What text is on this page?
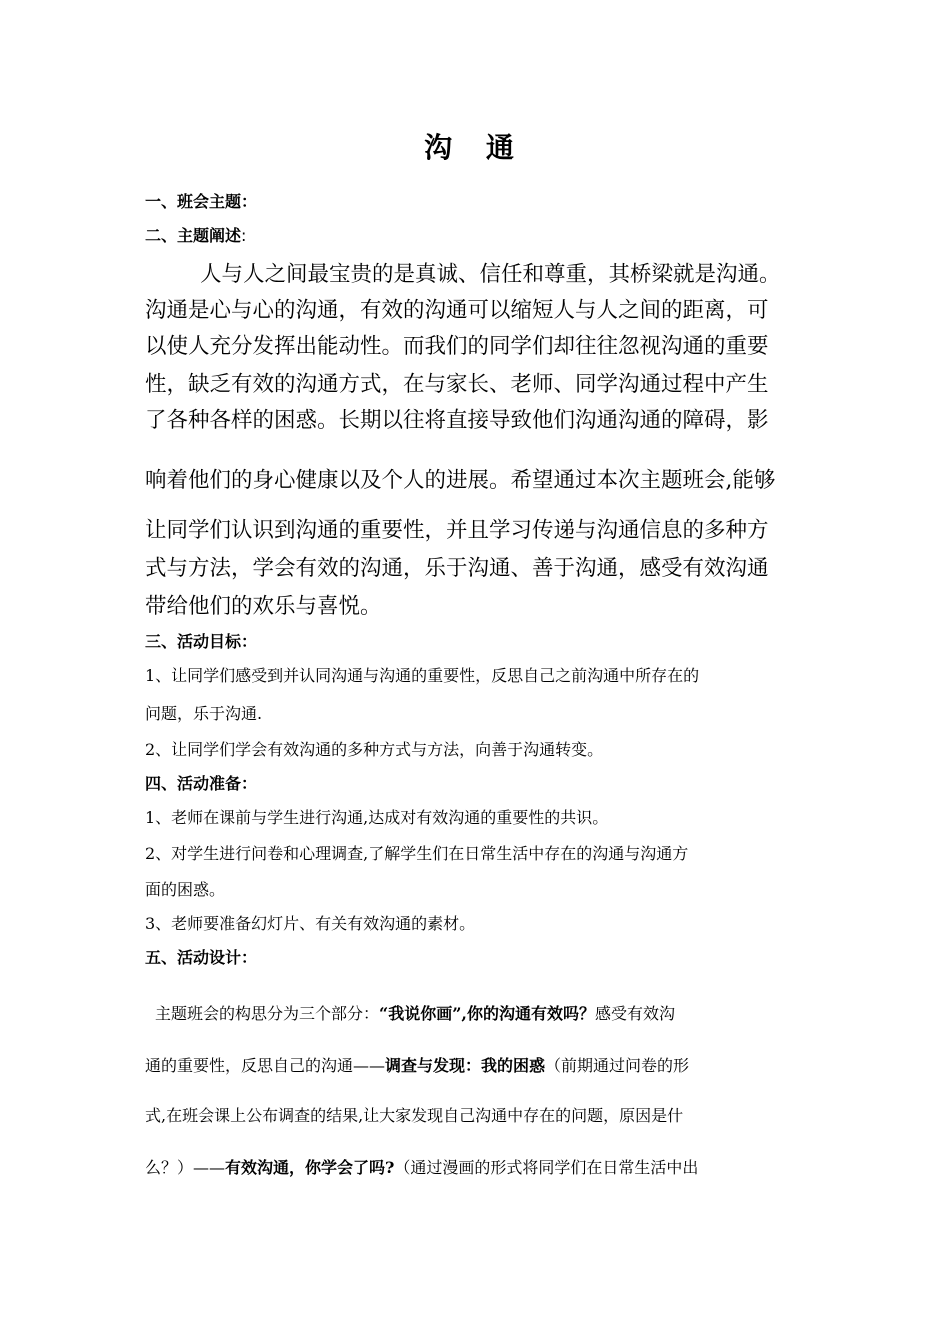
沟 通
一、班会主题：
二、主题阐述:
人与人之间最宝贵的是真诚、信任和尊重，其桥梁就是沟通。
沟通是心与心的沟通，有效的沟通可以缩短人与人之间的距离，可
以使人充分发挥出能动性。而我们的同学们却往往忽视沟通的重要
性，缺乏有效的沟通方式，在与家长、老师、同学沟通过程中产生
了各种各样的困惑。长期以往将直接导致他们沟通沟通的障碍，影
响着他们的身心健康以及个人的进展。希望通过本次主题班会,能够
让同学们认识到沟通的重要性，并且学习传递与沟通信息的多种方
式与方法，学会有效的沟通，乐于沟通、善于沟通，感受有效沟通
带给他们的欢乐与喜悦。
三、活动目标：
1、让同学们感受到并认同沟通与沟通的重要性，反思自己之前沟通中所存在的
问题，乐于沟通.
2、让同学们学会有效沟通的多种方式与方法，向善于沟通转变。
四、活动准备：
1、老师在课前与学生进行沟通,达成对有效沟通的重要性的共识。
2、对学生进行问卷和心理调查,了解学生们在日常生活中存在的沟通与沟通方
面的困惑。
3、老师要准备幻灯片、有关有效沟通的素材。
五、活动设计：
主题班会的构思分为三个部分：“我说你画”,你的沟通有效吗？感受有效沟
通的重要性，反思自己的沟通——调查与发现：我的困惑（前期通过问卷的形
式,在班会课上公布调查的结果,让大家发现自己沟通中存在的问题，原因是什
么？）——有效沟通，你学会了吗?（通过漫画的形式将同学们在日常生活中出
